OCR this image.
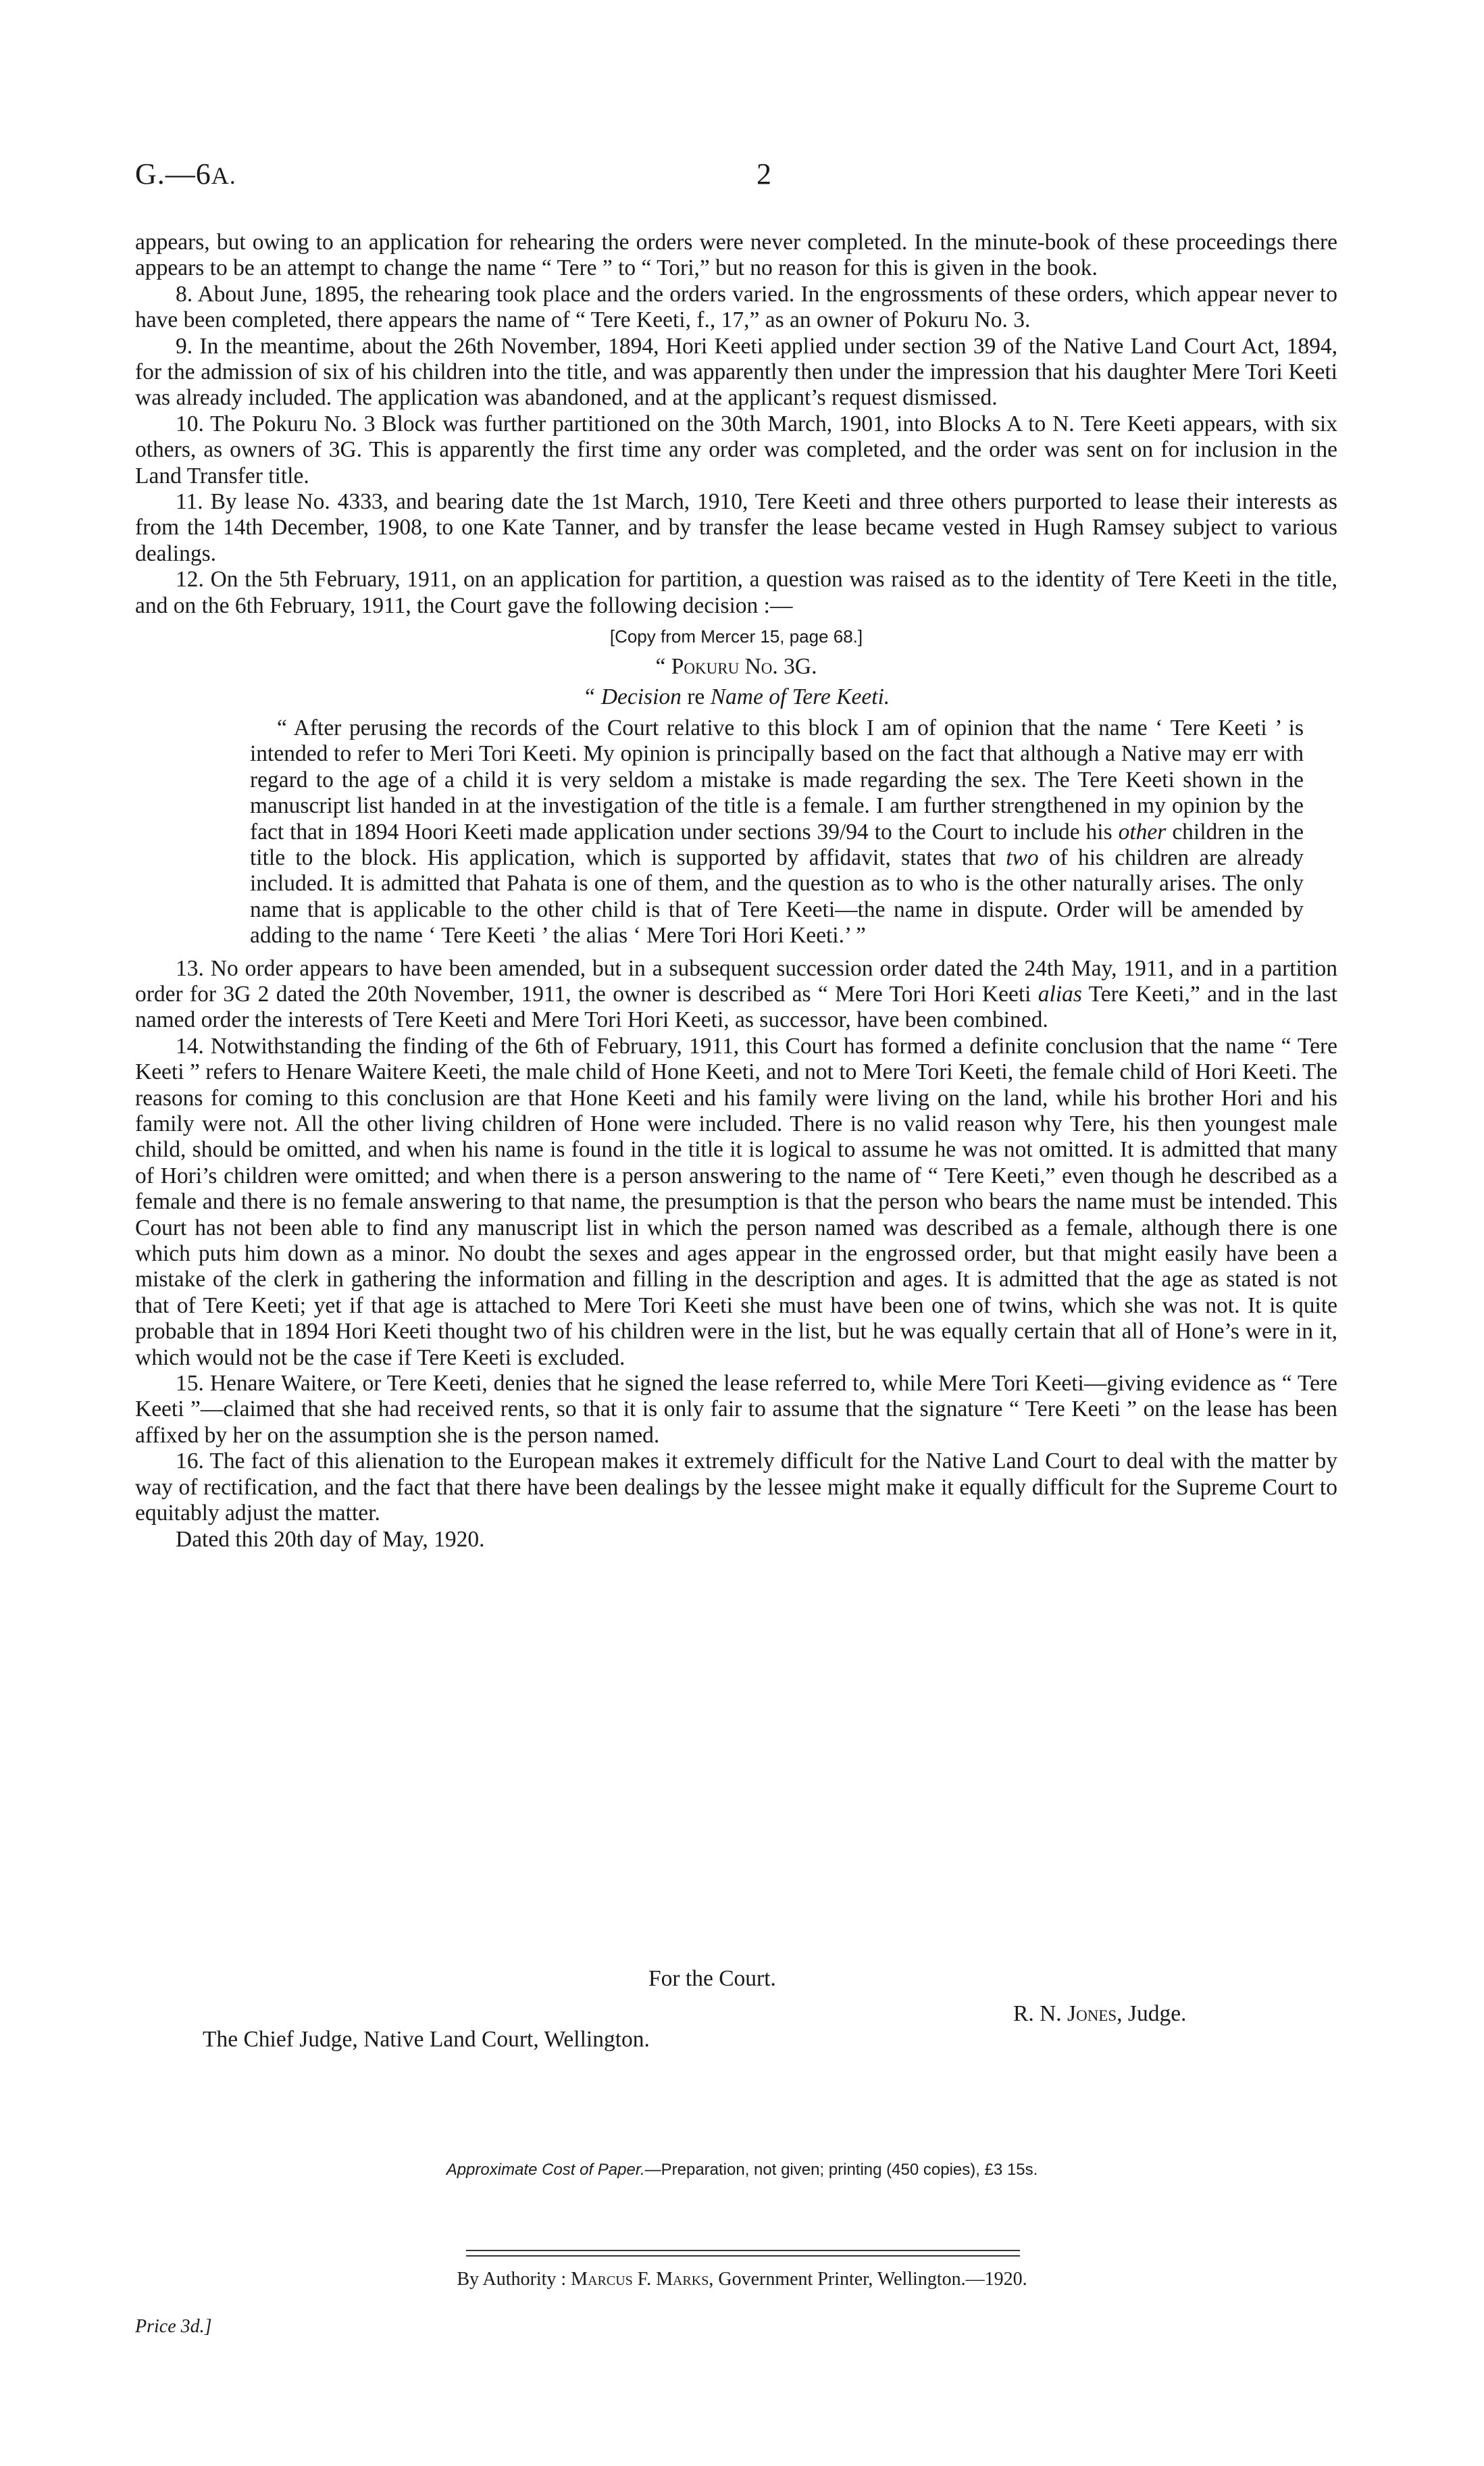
G.—6A.	2

appears, but owing to an application for rehearing the orders were never completed. In the minute-book of these proceedings there appears to be an attempt to change the name “ Tere ” to “ Tori,” but no reason for this is given in the book.

8. About June, 1895, the rehearing took place and the orders varied. In the engrossments of these orders, which appear never to have been completed, there appears the name of “ Tere Keeti, f., 17,” as an owner of Pokuru No. 3.

9. In the meantime, about the 26th November, 1894, Hori Keeti applied under section 39 of the Native Land Court Act, 1894, for the admission of six of his children into the title, and was apparently then under the impression that his daughter Mere Tori Keeti was already included. The application was abandoned, and at the applicant’s request dismissed.

10. The Pokuru No. 3 Block was further partitioned on the 30th March, 1901, into Blocks A to N. Tere Keeti appears, with six others, as owners of 3G. This is apparently the first time any order was completed, and the order was sent on for inclusion in the Land Transfer title.

11. By lease No. 4333, and bearing date the 1st March, 1910, Tere Keeti and three others purported to lease their interests as from the 14th December, 1908, to one Kate Tanner, and by transfer the lease became vested in Hugh Ramsey subject to various dealings.

12. On the 5th February, 1911, on an application for partition, a question was raised as to the identity of Tere Keeti in the title, and on the 6th February, 1911, the Court gave the following decision :—

[Copy from Mercer 15, page 68.]
“ Pokuru No. 3G.
“ Decision re Name of Tere Keeti.

“ After perusing the records of the Court relative to this block I am of opinion that the name ‘ Tere Keeti ’ is intended to refer to Meri Tori Keeti. My opinion is principally based on the fact that although a Native may err with regard to the age of a child it is very seldom a mistake is made regarding the sex. The Tere Keeti shown in the manuscript list handed in at the investigation of the title is a female. I am further strengthened in my opinion by the fact that in 1894 Hoori Keeti made application under sections 39/94 to the Court to include his other children in the title to the block. His application, which is supported by affidavit, states that two of his children are already included. It is admitted that Pahata is one of them, and the question as to who is the other naturally arises. The only name that is applicable to the other child is that of Tere Keeti—the name in dispute. Order will be amended by adding to the name ‘ Tere Keeti ’ the alias ‘ Mere Tori Hori Keeti.’ ”

13. No order appears to have been amended, but in a subsequent succession order dated the 24th May, 1911, and in a partition order for 3G 2 dated the 20th November, 1911, the owner is described as “ Mere Tori Hori Keeti alias Tere Keeti,” and in the last named order the interests of Tere Keeti and Mere Tori Hori Keeti, as successor, have been combined.

14. Notwithstanding the finding of the 6th of February, 1911, this Court has formed a definite conclusion that the name “ Tere Keeti ” refers to Henare Waitere Keeti, the male child of Hone Keeti, and not to Mere Tori Keeti, the female child of Hori Keeti. The reasons for coming to this conclusion are that Hone Keeti and his family were living on the land, while his brother Hori and his family were not. All the other living children of Hone were included. There is no valid reason why Tere, his then youngest male child, should be omitted, and when his name is found in the title it is logical to assume he was not omitted. It is admitted that many of Hori’s children were omitted; and when there is a person answering to the name of “ Tere Keeti,” even though he described as a female and there is no female answering to that name, the presumption is that the person who bears the name must be intended. This Court has not been able to find any manuscript list in which the person named was described as a female, although there is one which puts him down as a minor. No doubt the sexes and ages appear in the engrossed order, but that might easily have been a mistake of the clerk in gathering the information and filling in the description and ages. It is admitted that the age as stated is not that of Tere Keeti; yet if that age is attached to Mere Tori Keeti she must have been one of twins, which she was not. It is quite probable that in 1894 Hori Keeti thought two of his children were in the list, but he was equally certain that all of Hone’s were in it, which would not be the case if Tere Keeti is excluded.

15. Henare Waitere, or Tere Keeti, denies that he signed the lease referred to, while Mere Tori Keeti—giving evidence as “ Tere Keeti ”—claimed that she had received rents, so that it is only fair to assume that the signature “ Tere Keeti ” on the lease has been affixed by her on the assumption she is the person named.

16. The fact of this alienation to the European makes it extremely difficult for the Native Land Court to deal with the matter by way of rectification, and the fact that there have been dealings by the lessee might make it equally difficult for the Supreme Court to equitably adjust the matter.

Dated this 20th day of May, 1920.

For the Court.
R. N. Jones, Judge.
The Chief Judge, Native Land Court, Wellington.
Approximate Cost of Paper.—Preparation, not given; printing (450 copies), £3 15s.
By Authority : Marcus F. Marks, Government Printer, Wellington.—1920.
Price 3d.]
